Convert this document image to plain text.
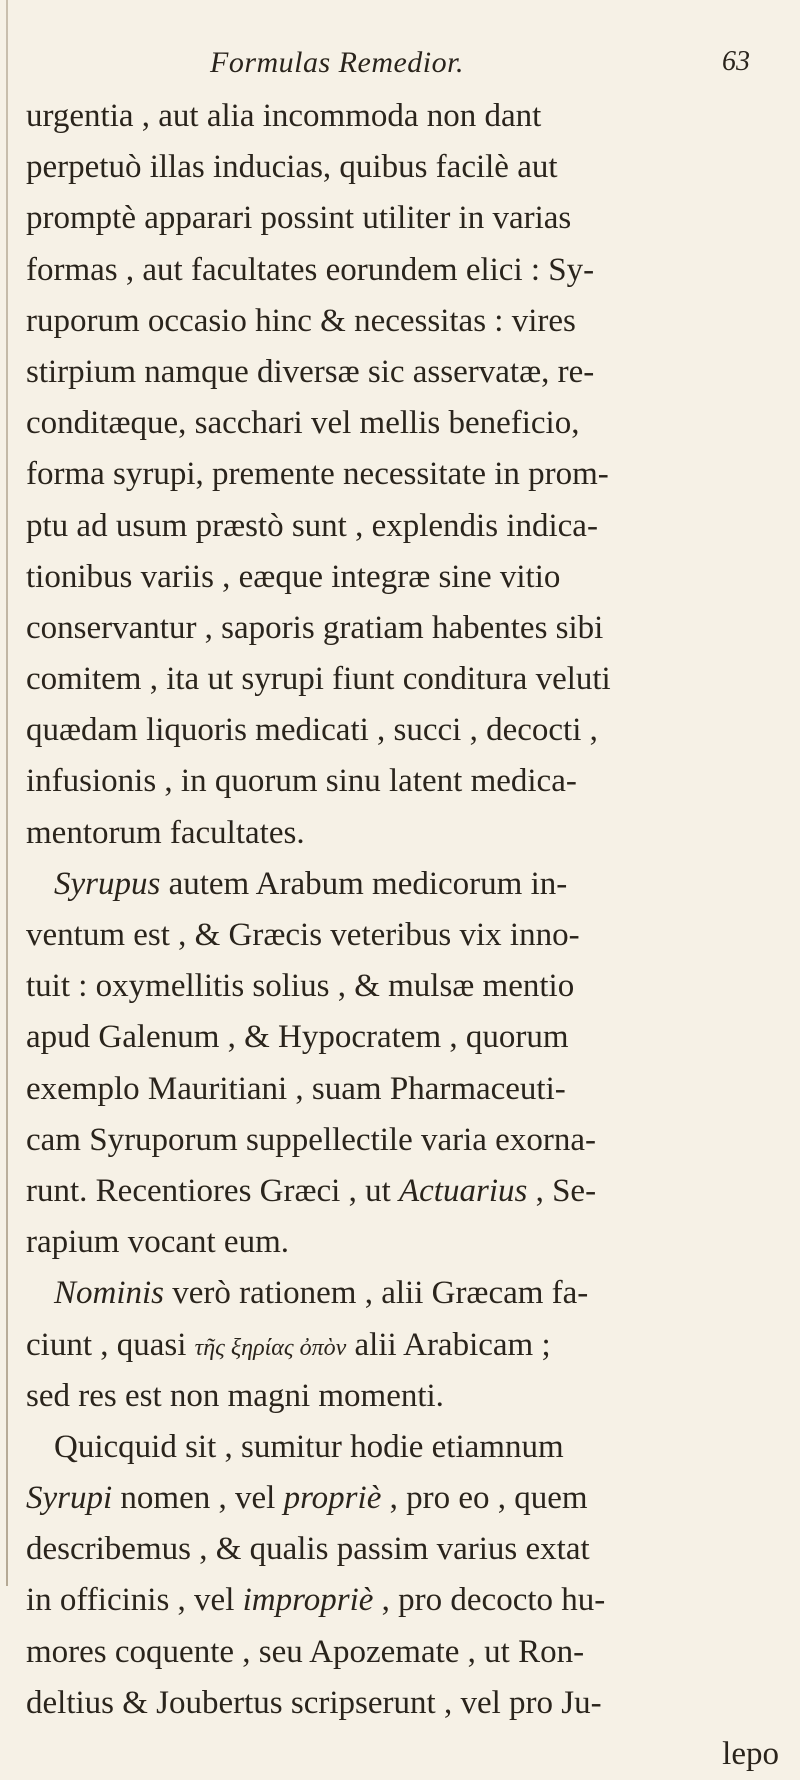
Formulas Remedior.	63
urgentia , aut alia incommoda non dant
perpetuò illas inducias, quibus facilè aut
promptè apparari possint utiliter in varias
formas , aut facultates eorundem elici : Sy-
ruporum occasio hinc & necessitas : vires
stirpium namque diversæ sic asservatæ, re-
conditæque, sacchari vel mellis beneficio,
forma syrupi, premente necessitate in prom-
ptu ad usum præstò sunt , explendis indica-
tionibus variis , eæque integræ sine vitio
conservantur , saporis gratiam habentes sibi
comitem , ita ut syrupi fiunt conditura veluti
quædam liquoris medicati , succi , decocti ,
infusionis , in quorum sinu latent medica-
mentorum facultates.
Syrupus autem Arabum medicorum in-
ventum est , & Græcis veteribus vix inno-
tuit : oxymellitis solius , & mulsæ mentio
apud Galenum , & Hypocratem , quorum
exemplo Mauritiani , suam Pharmaceuti-
cam Syruporum suppellectile varia exorna-
runt. Recentiores Græci , ut Actuarius , Se-
rapium vocant eum.
Nominis verò rationem , alii Græcam fa-
ciunt , quasi τῆς ξηρίας ὀπὸν alii Arabicam ;
sed res est non magni momenti.
Quicquid sit , sumitur hodie etiamnum
Syrupi nomen , vel propriè , pro eo , quem
describemus , & qualis passim varius extat
in officinis , vel impropriè , pro decocto hu-
mores coquente , seu Apozemate , ut Ron-
deltius & Joubertus scripserunt , vel pro Ju-
lepo
